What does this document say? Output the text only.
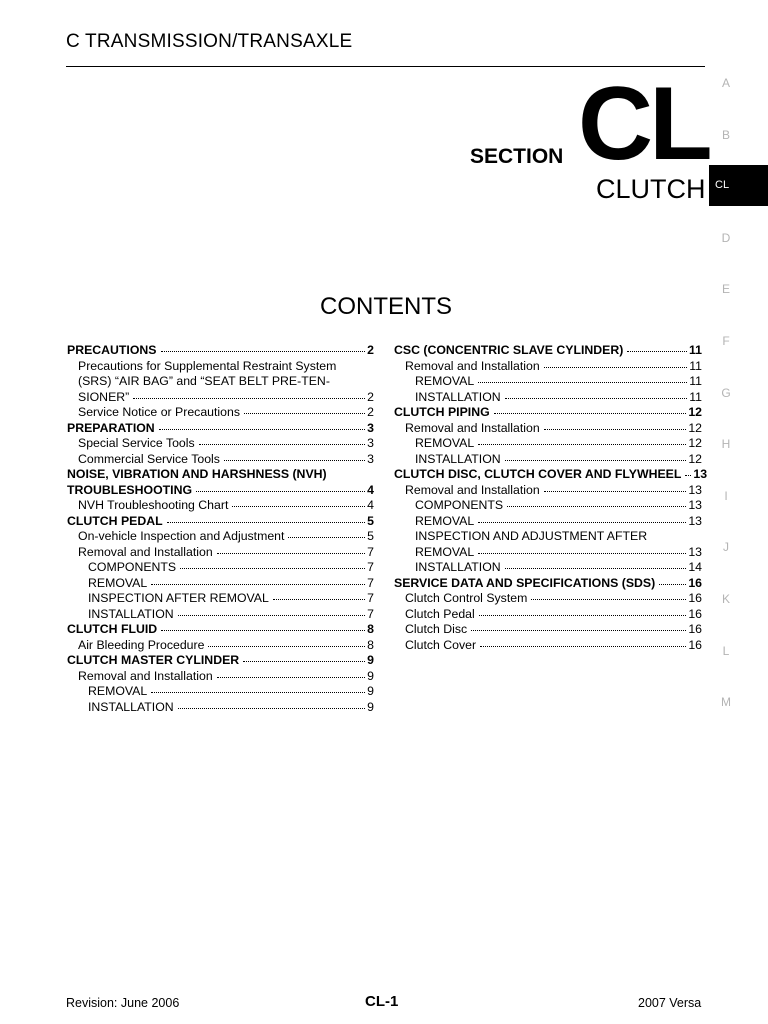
C TRANSMISSION/TRANSAXLE
SECTION CL
CLUTCH
CONTENTS
PRECAUTIONS	2
Precautions for Supplemental Restraint System
(SRS) “AIR BAG” and “SEAT BELT PRE-TEN-
SIONER”	2
Service Notice or Precautions	2
PREPARATION	3
Special Service Tools	3
Commercial Service Tools	3
NOISE, VIBRATION AND HARSHNESS (NVH)
TROUBLESHOOTING	4
NVH Troubleshooting Chart	4
CLUTCH PEDAL	5
On-vehicle Inspection and Adjustment	5
Removal and Installation	7
COMPONENTS	7
REMOVAL	7
INSPECTION AFTER REMOVAL	7
INSTALLATION	7
CLUTCH FLUID	8
Air Bleeding Procedure	8
CLUTCH MASTER CYLINDER	9
Removal and Installation	9
REMOVAL	9
INSTALLATION	9
CSC (CONCENTRIC SLAVE CYLINDER)	11
Removal and Installation	11
REMOVAL	11
INSTALLATION	11
CLUTCH PIPING	12
Removal and Installation	12
REMOVAL	12
INSTALLATION	12
CLUTCH DISC, CLUTCH COVER AND FLYWHEEL 13
Removal and Installation	13
COMPONENTS	13
REMOVAL	13
INSPECTION AND ADJUSTMENT AFTER
REMOVAL	13
INSTALLATION	14
SERVICE DATA AND SPECIFICATIONS (SDS)	16
Clutch Control System	16
Clutch Pedal	16
Clutch Disc	16
Clutch Cover	16
A
B
CL
D
E
F
G
H
I
J
K
L
M
Revision: June 2006	CL-1	2007 Versa
